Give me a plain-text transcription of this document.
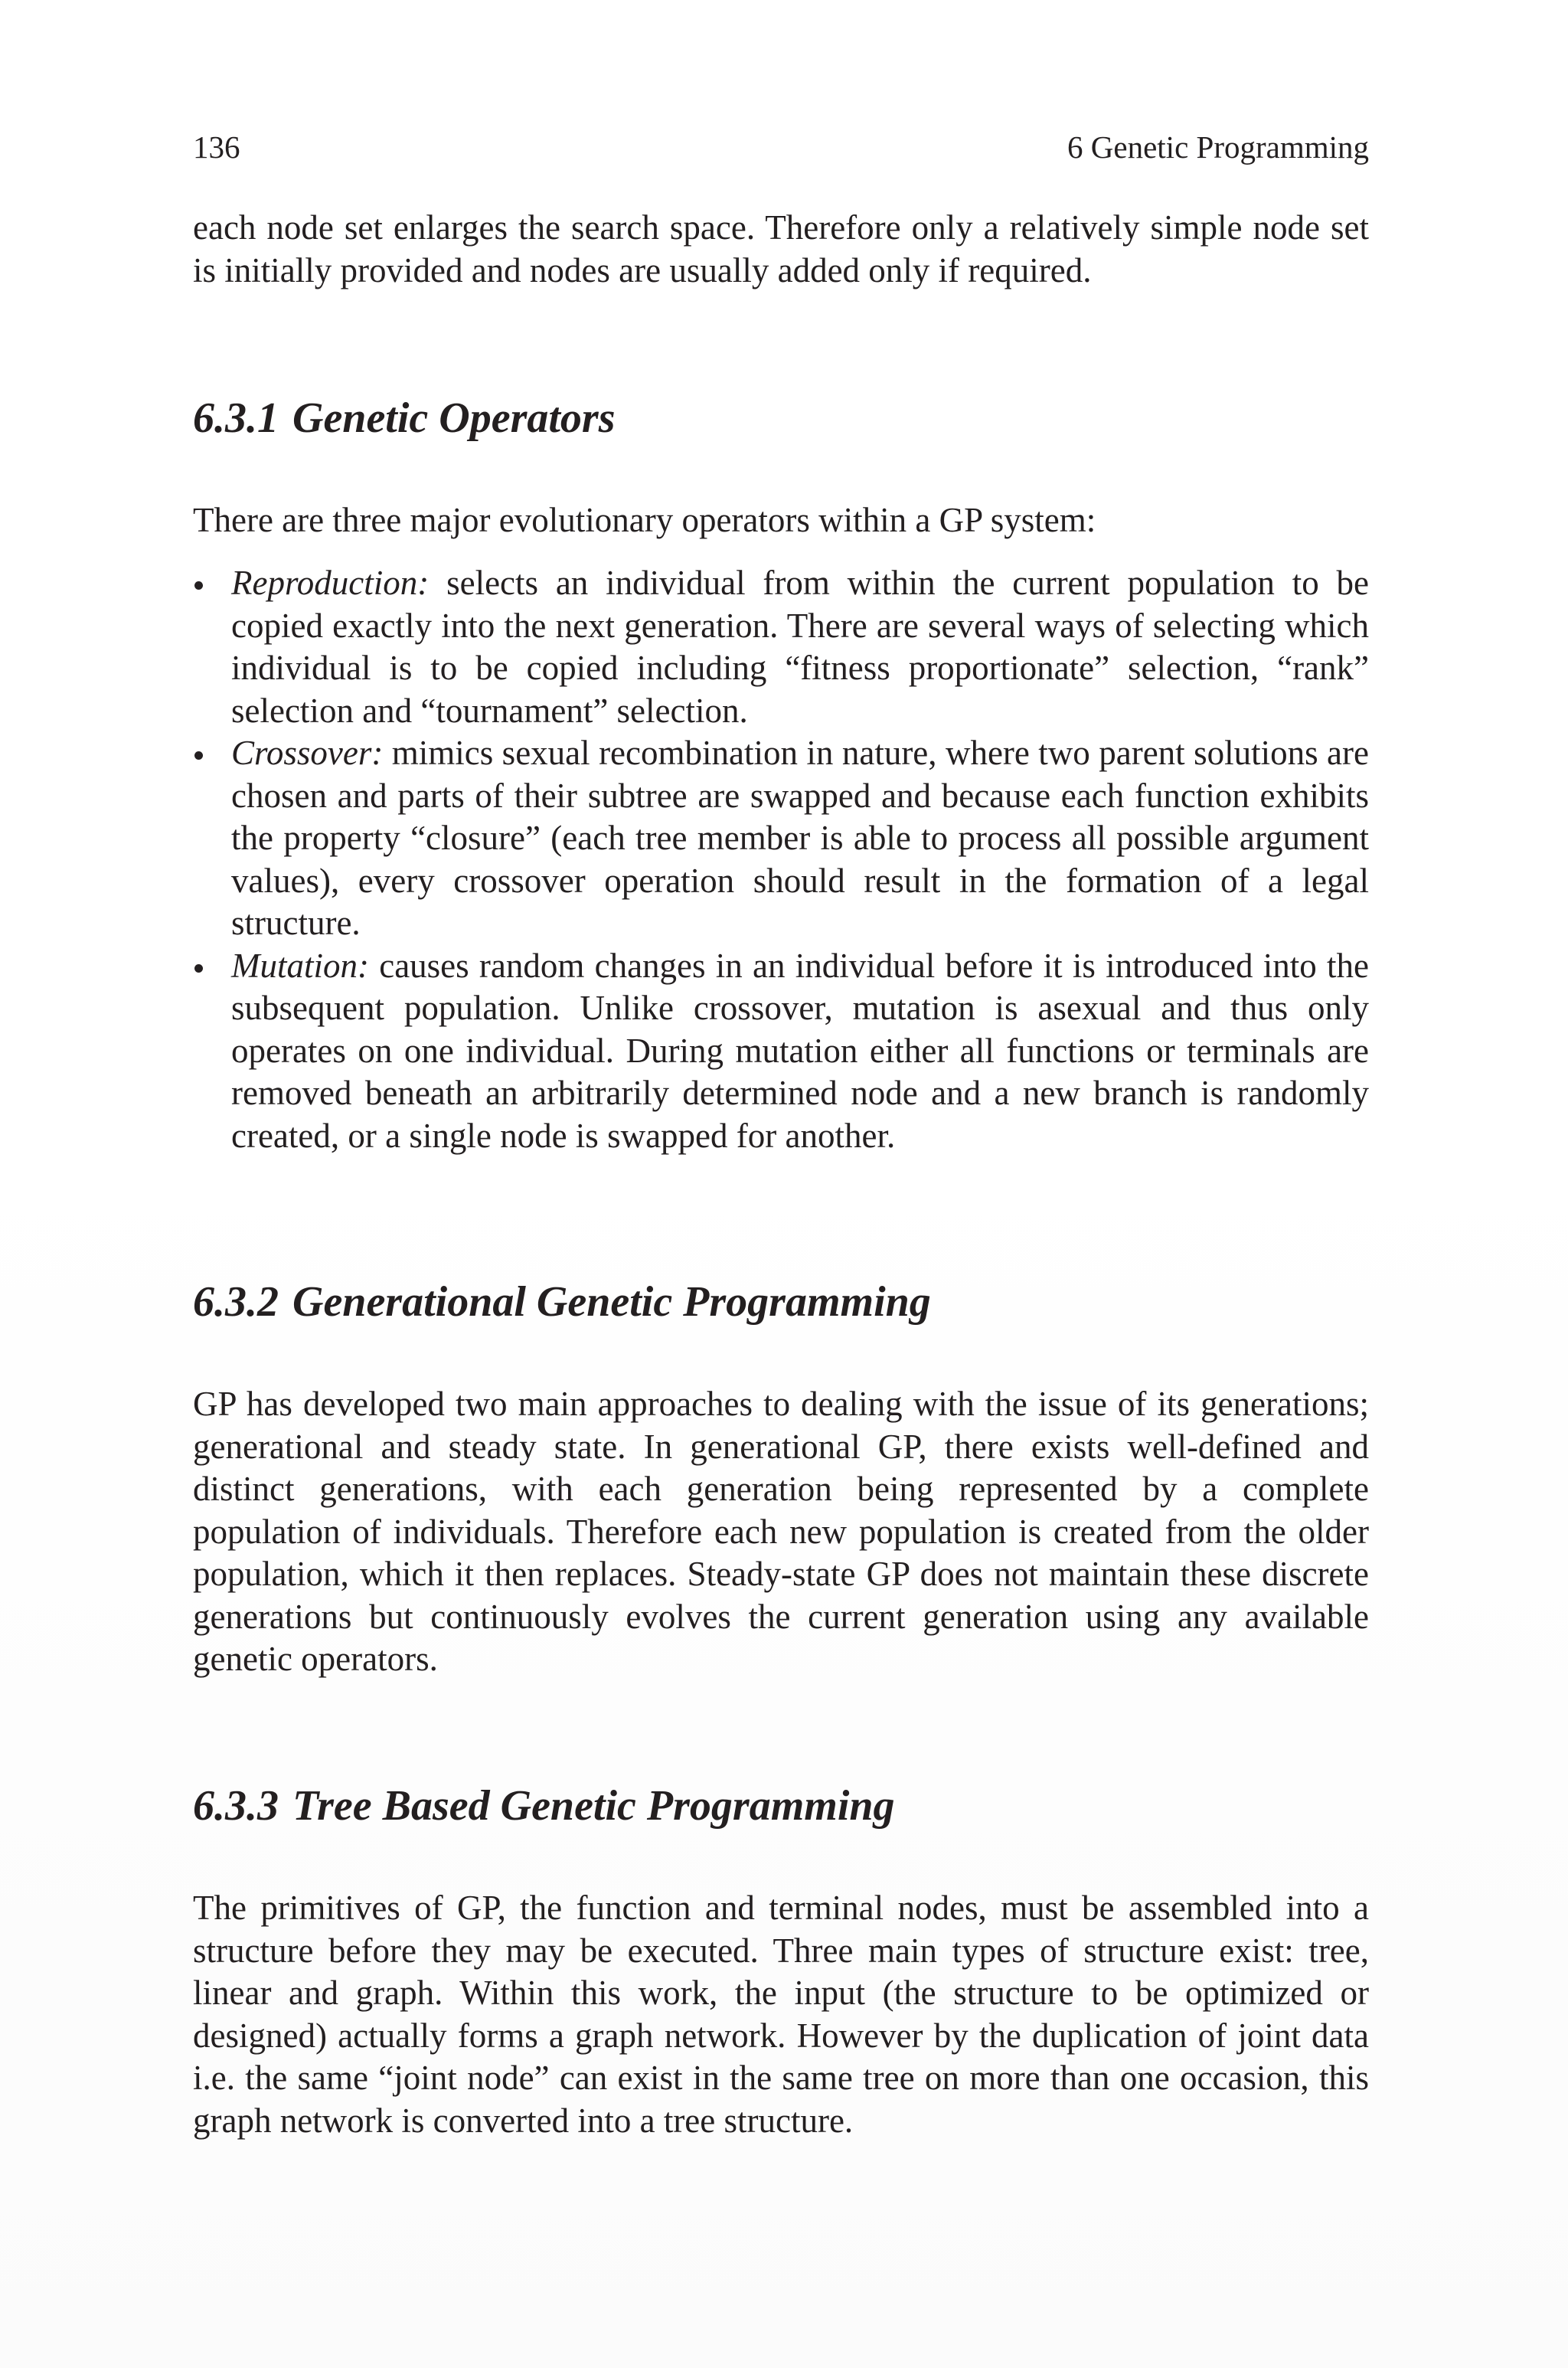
136	6 Genetic Programming

each node set enlarges the search space. Therefore only a relatively simple node set is initially provided and nodes are usually added only if required.

6.3.1 Genetic Operators

There are three major evolutionary operators within a GP system:

Reproduction: selects an individual from within the current population to be copied exactly into the next generation. There are several ways of selecting which individual is to be copied including “fitness proportionate” selection, “rank” selection and “tournament” selection.
Crossover: mimics sexual recombination in nature, where two parent solutions are chosen and parts of their subtree are swapped and because each function exhibits the property “closure” (each tree member is able to process all possible argument values), every crossover operation should result in the formation of a legal structure.
Mutation: causes random changes in an individual before it is introduced into the subsequent population. Unlike crossover, mutation is asexual and thus only operates on one individual. During mutation either all functions or terminals are removed beneath an arbitrarily determined node and a new branch is randomly created, or a single node is swapped for another.
6.3.2 Generational Genetic Programming

GP has developed two main approaches to dealing with the issue of its generations; generational and steady state. In generational GP, there exists well-defined and distinct generations, with each generation being represented by a complete population of individuals. Therefore each new population is created from the older population, which it then replaces. Steady-state GP does not maintain these discrete generations but continuously evolves the current generation using any available genetic operators.

6.3.3 Tree Based Genetic Programming

The primitives of GP, the function and terminal nodes, must be assembled into a structure before they may be executed. Three main types of structure exist: tree, linear and graph. Within this work, the input (the structure to be optimized or designed) actually forms a graph network. However by the duplication of joint data i.e. the same “joint node” can exist in the same tree on more than one occasion, this graph network is converted into a tree structure.
